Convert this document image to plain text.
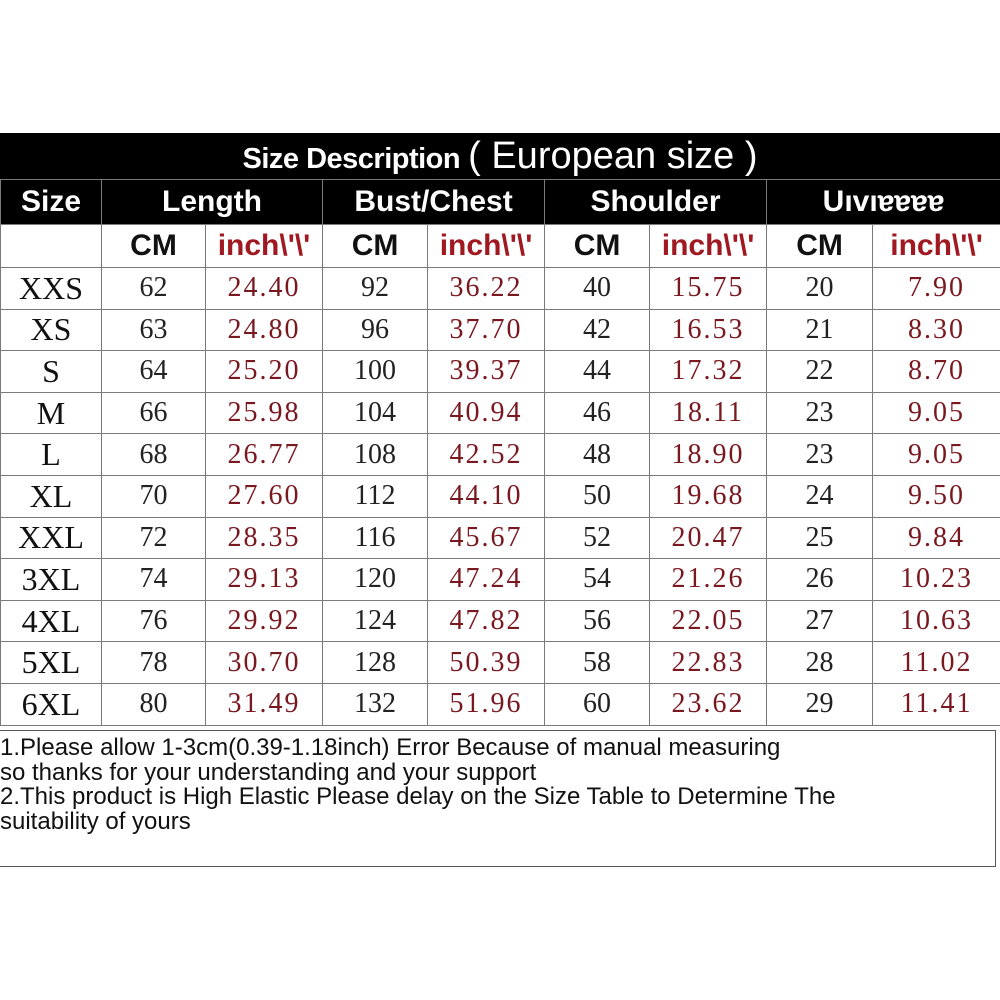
Size Description ( European size )
Size	Length		Bust/Chest		Shoulder		Uıvıɐɐɐɐ	
	CM	inch\'\'	CM	inch\'\'	CM	inch\'\'	CM	inch\'\'
XXS	62	24.40	92	36.22	40	15.75	20	7.90
XS	63	24.80	96	37.70	42	16.53	21	8.30
S	64	25.20	100	39.37	44	17.32	22	8.70
M	66	25.98	104	40.94	46	18.11	23	9.05
L	68	26.77	108	42.52	48	18.90	23	9.05
XL	70	27.60	112	44.10	50	19.68	24	9.50
XXL	72	28.35	116	45.67	52	20.47	25	9.84
3XL	74	29.13	120	47.24	54	21.26	26	10.23
4XL	76	29.92	124	47.82	56	22.05	27	10.63
5XL	78	30.70	128	50.39	58	22.83	28	11.02
6XL	80	31.49	132	51.96	60	23.62	29	11.41
1.Please allow 1-3cm(0.39-1.18inch) Error Because of manual measuring
so thanks for your understanding and your support
2.This product is High Elastic Please delay on the Size Table to Determine The
suitability of yours
